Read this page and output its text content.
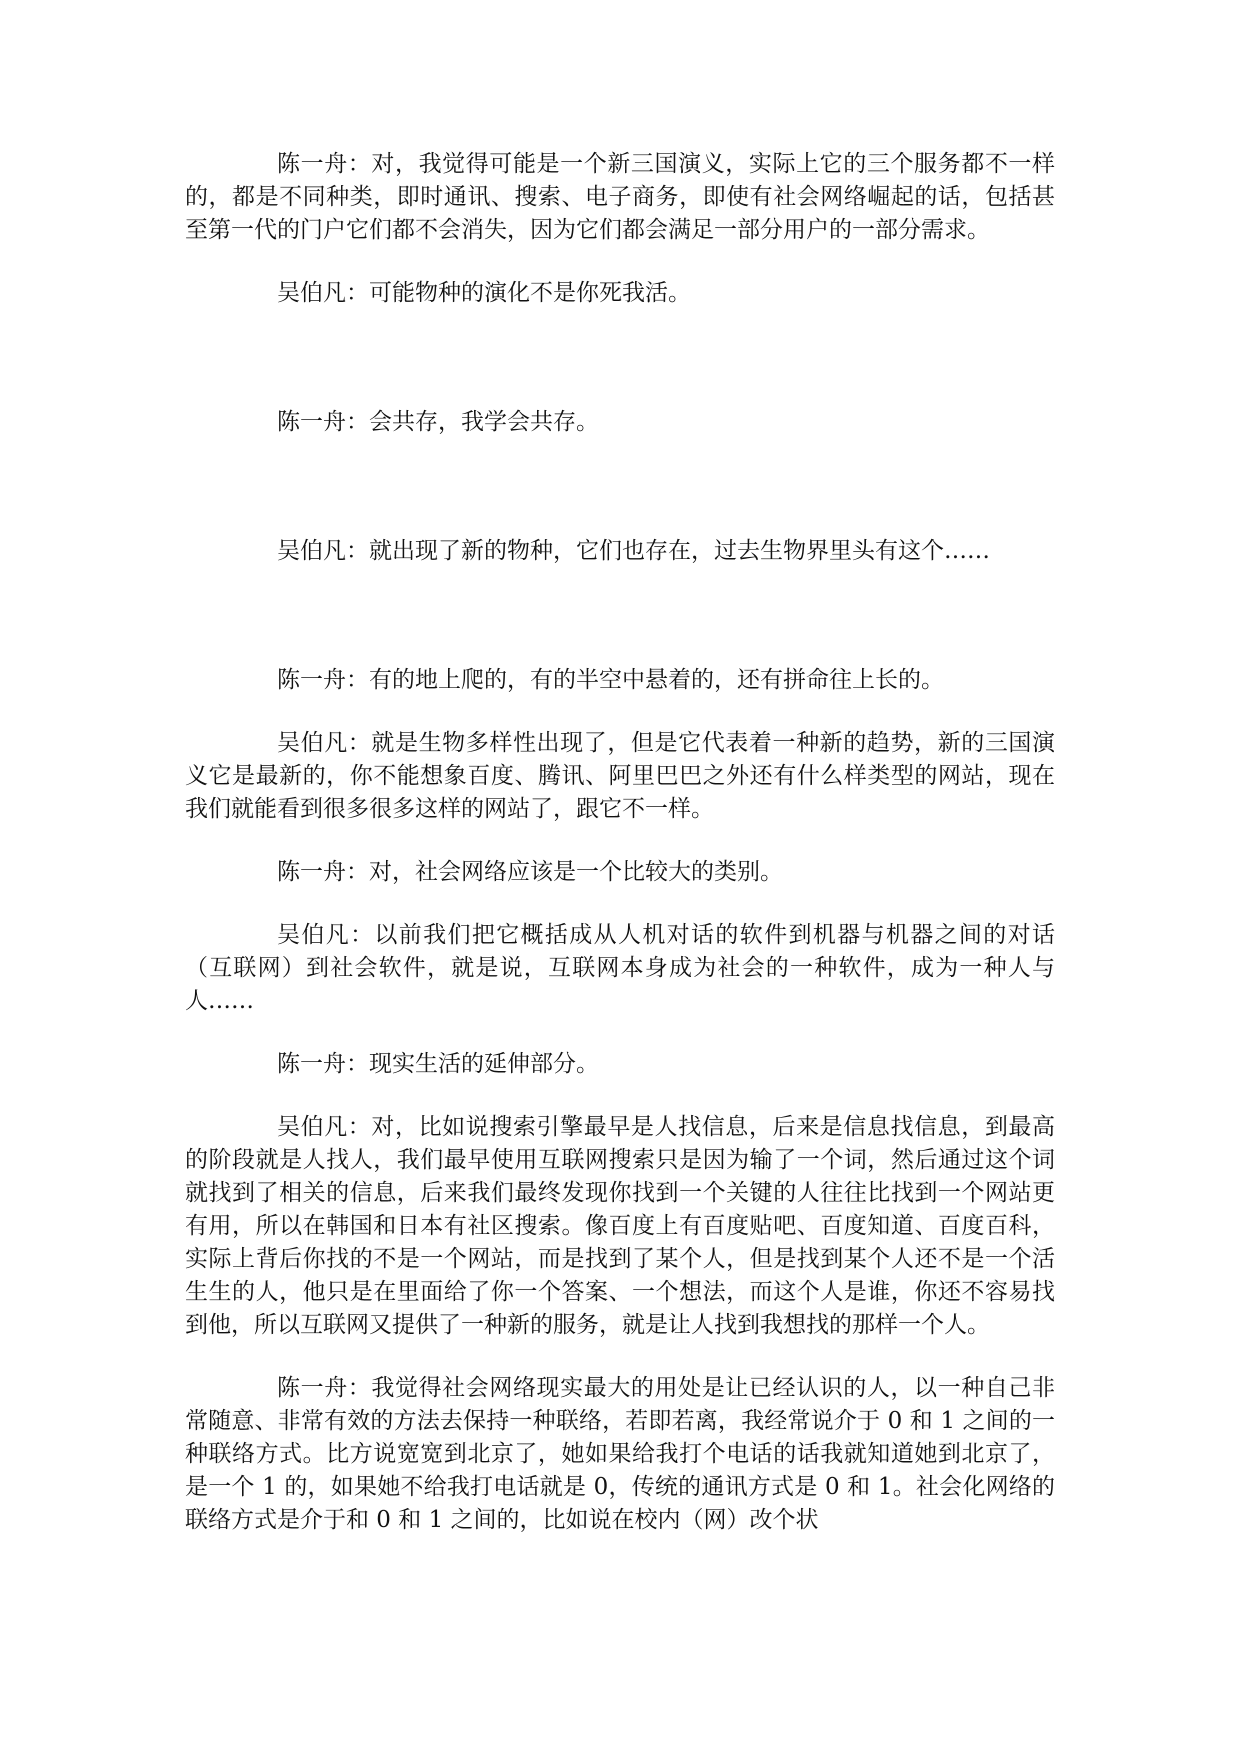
陈一舟：对，我觉得可能是一个新三国演义，实际上它的三个服务都不一样的，都是不同种类，即时通讯、搜索、电子商务，即使有社会网络崛起的话，包括甚至第一代的门户它们都不会消失，因为它们都会满足一部分用户的一部分需求。

吴伯凡：可能物种的演化不是你死我活。

陈一舟：会共存，我学会共存。

吴伯凡：就出现了新的物种，它们也存在，过去生物界里头有这个……

陈一舟：有的地上爬的，有的半空中悬着的，还有拼命往上长的。

吴伯凡：就是生物多样性出现了，但是它代表着一种新的趋势，新的三国演义它是最新的，你不能想象百度、腾讯、阿里巴巴之外还有什么样类型的网站，现在我们就能看到很多很多这样的网站了，跟它不一样。

陈一舟：对，社会网络应该是一个比较大的类别。

吴伯凡：以前我们把它概括成从人机对话的软件到机器与机器之间的对话（互联网）到社会软件，就是说，互联网本身成为社会的一种软件，成为一种人与人……

陈一舟：现实生活的延伸部分。

吴伯凡：对，比如说搜索引擎最早是人找信息，后来是信息找信息，到最高的阶段就是人找人，我们最早使用互联网搜索只是因为输了一个词，然后通过这个词就找到了相关的信息，后来我们最终发现你找到一个关键的人往往比找到一个网站更有用，所以在韩国和日本有社区搜索。像百度上有百度贴吧、百度知道、百度百科，实际上背后你找的不是一个网站，而是找到了某个人，但是找到某个人还不是一个活生生的人，他只是在里面给了你一个答案、一个想法，而这个人是谁，你还不容易找到他，所以互联网又提供了一种新的服务，就是让人找到我想找的那样一个人。

陈一舟：我觉得社会网络现实最大的用处是让已经认识的人，以一种自己非常随意、非常有效的方法去保持一种联络，若即若离，我经常说介于 0 和 1 之间的一种联络方式。比方说宽宽到北京了，她如果给我打个电话的话我就知道她到北京了，是一个 1 的，如果她不给我打电话就是 0，传统的通讯方式是 0 和 1。社会化网络的联络方式是介于和 0 和 1 之间的，比如说在校内（网）改个状
